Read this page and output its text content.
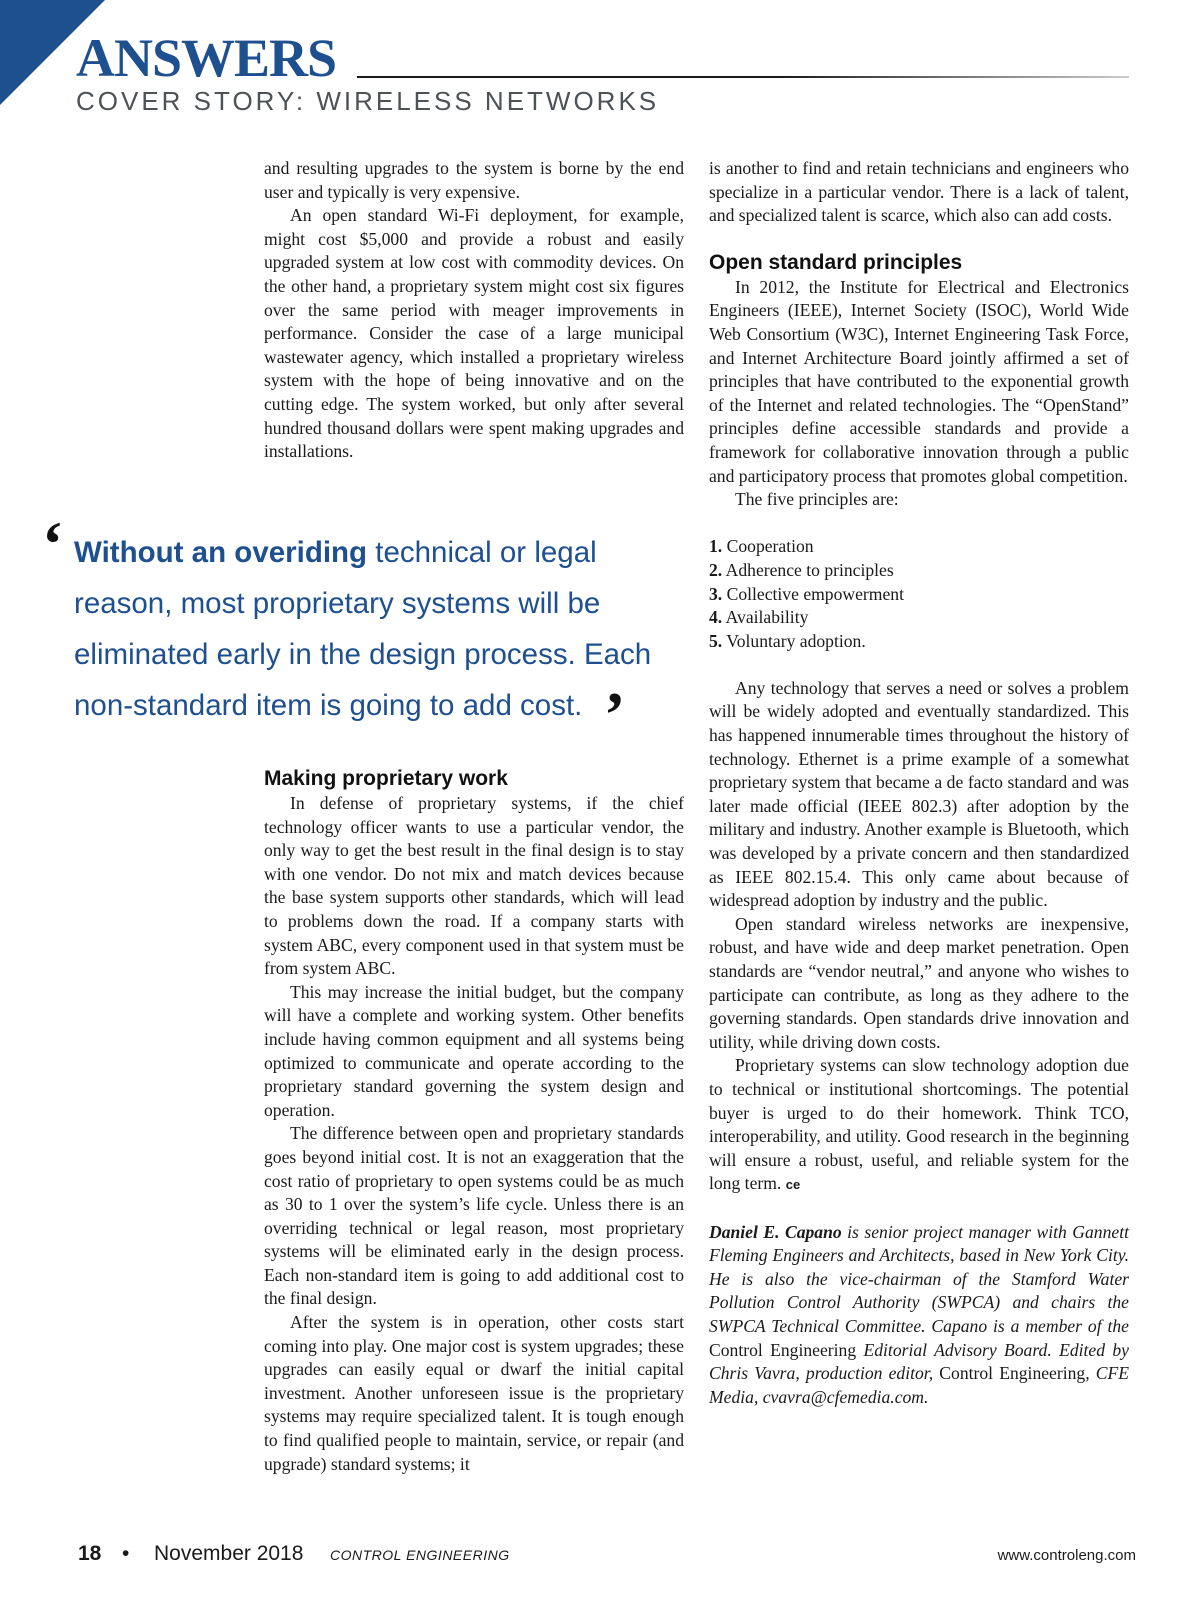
ANSWERS
COVER STORY: WIRELESS NETWORKS

and resulting upgrades to the system is borne by the end user and typically is very expensive.

An open standard Wi-Fi deployment, for example, might cost $5,000 and provide a robust and easily upgraded system at low cost with commodity devices. On the other hand, a proprietary system might cost six figures over the same period with meager improvements in performance. Consider the case of a large municipal wastewater agency, which installed a proprietary wireless system with the hope of being innovative and on the cutting edge. The system worked, but only after several hundred thousand dollars were spent making upgrades and installations.

‘ Without an overiding technical or legal reason, most proprietary systems will be eliminated early in the design process. Each non-standard item is going to add cost. ’
Making proprietary work

In defense of proprietary systems, if the chief technology officer wants to use a particular vendor, the only way to get the best result in the final design is to stay with one vendor. Do not mix and match devices because the base system supports other standards, which will lead to problems down the road. If a company starts with system ABC, every component used in that system must be from system ABC.

This may increase the initial budget, but the company will have a complete and working system. Other benefits include having common equipment and all systems being optimized to communicate and operate according to the proprietary standard governing the system design and operation.

The difference between open and proprietary standards goes beyond initial cost. It is not an exaggeration that the cost ratio of proprietary to open systems could be as much as 30 to 1 over the system’s life cycle. Unless there is an overriding technical or legal reason, most proprietary systems will be eliminated early in the design process. Each non-standard item is going to add additional cost to the final design.

After the system is in operation, other costs start coming into play. One major cost is system upgrades; these upgrades can easily equal or dwarf the initial capital investment. Another unforeseen issue is the proprietary systems may require specialized talent. It is tough enough to find qualified people to maintain, service, or repair (and upgrade) standard systems; it

is another to find and retain technicians and engineers who specialize in a particular vendor. There is a lack of talent, and specialized talent is scarce, which also can add costs.

Open standard principles

In 2012, the Institute for Electrical and Electronics Engineers (IEEE), Internet Society (ISOC), World Wide Web Consortium (W3C), Internet Engineering Task Force, and Internet Architecture Board jointly affirmed a set of principles that have contributed to the exponential growth of the Internet and related technologies. The “OpenStand” principles define accessible standards and provide a framework for collaborative innovation through a public and participatory process that promotes global competition.

The five principles are:

1. Cooperation
2. Adherence to principles
3. Collective empowerment
4. Availability
5. Voluntary adoption.

Any technology that serves a need or solves a problem will be widely adopted and eventually standardized. This has happened innumerable times throughout the history of technology. Ethernet is a prime example of a somewhat proprietary system that became a de facto standard and was later made official (IEEE 802.3) after adoption by the military and industry. Another example is Bluetooth, which was developed by a private concern and then standardized as IEEE 802.15.4. This only came about because of widespread adoption by industry and the public.

Open standard wireless networks are inexpensive, robust, and have wide and deep market penetration. Open standards are “vendor neutral,” and anyone who wishes to participate can contribute, as long as they adhere to the governing standards. Open standards drive innovation and utility, while driving down costs.

Proprietary systems can slow technology adoption due to technical or institutional shortcomings. The potential buyer is urged to do their homework. Think TCO, interoperability, and utility. Good research in the beginning will ensure a robust, useful, and reliable system for the long term. ce

Daniel E. Capano is senior project manager with Gannett Fleming Engineers and Architects, based in New York City. He is also the vice-chairman of the Stamford Water Pollution Control Authority (SWPCA) and chairs the SWPCA Technical Committee. Capano is a member of the Control Engineering Editorial Advisory Board. Edited by Chris Vavra, production editor, Control Engineering, CFE Media, cvavra@cfemedia.com.

18 • November 2018 CONTROL ENGINEERING	www.controleng.com
